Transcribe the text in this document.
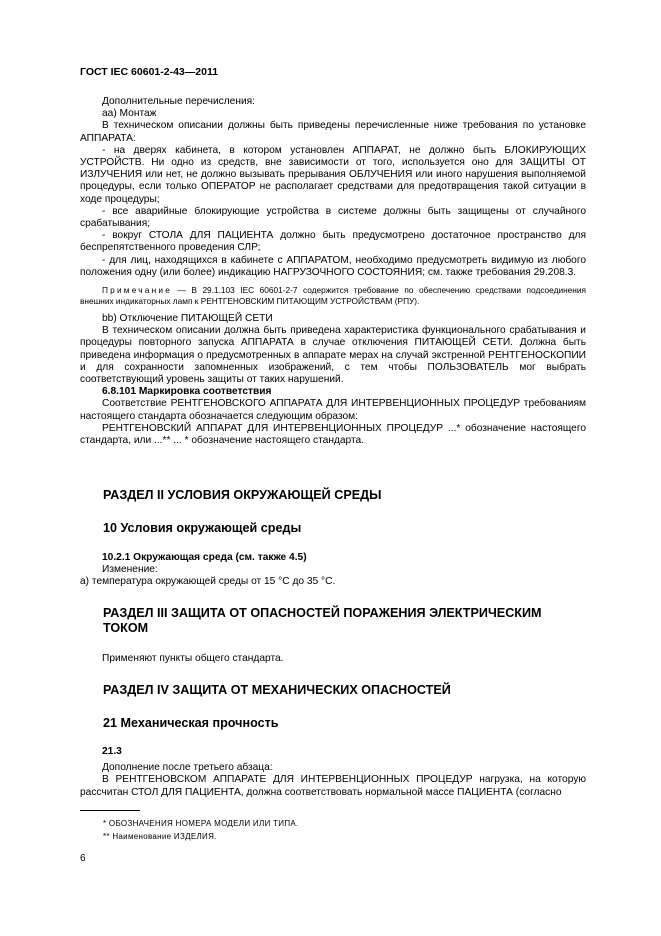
ГОСТ IEC 60601-2-43—2011

Дополнительные перечисления:

aa) Монтаж

В техническом описании должны быть приведены перечисленные ниже требования по установке АППАРАТА:

- на дверях кабинета, в котором установлен АППАРАТ, не должно быть БЛОКИРУЮЩИХ УСТРОЙСТВ. Ни одно из средств, вне зависимости от того, используется оно для ЗАЩИТЫ ОТ ИЗЛУЧЕНИЯ или нет, не должно вызывать прерывания ОБЛУЧЕНИЯ или иного нарушения выполняемой процедуры, если только ОПЕРАТОР не располагает средствами для предотвращения такой ситуации в ходе процедуры;

- все аварийные блокирующие устройства в системе должны быть защищены от случайного срабатывания;

- вокруг СТОЛА ДЛЯ ПАЦИЕНТА должно быть предусмотрено достаточное пространство для беспрепятственного проведения СЛР;

- для лиц, находящихся в кабинете с АППАРАТОМ, необходимо предусмотреть видимую из любого положения одну (или более) индикацию НАГРУЗОЧНОГО СОСТОЯНИЯ; см. также требования 29.208.3.

Примечание — В 29.1.103 IEC 60601-2-7 содержится требование по обеспечению средствами подсоединения внешних индикаторных ламп к РЕНТГЕНОВСКИМ ПИТАЮЩИМ УСТРОЙСТВАМ (РПУ).

bb) Отключение ПИТАЮЩЕЙ СЕТИ

В техническом описании должна быть приведена характеристика функционального срабатывания и процедуры повторного запуска АППАРАТА в случае отключения ПИТАЮЩЕЙ СЕТИ. Должна быть приведена информация о предусмотренных в аппарате мерах на случай экстренной РЕНТГЕНОСКОПИИ и для сохранности запомненных изображений, с тем чтобы ПОЛЬЗОВАТЕЛЬ мог выбрать соответствующий уровень защиты от таких нарушений.

6.8.101 Маркировка соответствия

Соответствие РЕНТГЕНОВСКОГО АППАРАТА ДЛЯ ИНТЕРВЕНЦИОННЫХ ПРОЦЕДУР требованиям настоящего стандарта обозначается следующим образом:

РЕНТГЕНОВСКИЙ АППАРАТ ДЛЯ ИНТЕРВЕНЦИОННЫХ ПРОЦЕДУР ...* обозначение настоящего стандарта, или ...** ... * обозначение настоящего стандарта.

РАЗДЕЛ II УСЛОВИЯ ОКРУЖАЮЩЕЙ СРЕДЫ
10 Условия окружающей среды

10.2.1 Окружающая среда (см. также 4.5)

Изменение:

а) температура окружающей среды от 15 °С до 35 °С.

РАЗДЕЛ III ЗАЩИТА ОТ ОПАСНОСТЕЙ ПОРАЖЕНИЯ ЭЛЕКТРИЧЕСКИМ ТОКОМ

Применяют пункты общего стандарта.

РАЗДЕЛ IV ЗАЩИТА ОТ МЕХАНИЧЕСКИХ ОПАСНОСТЕЙ
21 Механическая прочность

21.3

Дополнение после третьего абзаца:

В РЕНТГЕНОВСКОМ АППАРАТЕ ДЛЯ ИНТЕРВЕНЦИОННЫХ ПРОЦЕДУР нагрузка, на которую рассчитан СТОЛ ДЛЯ ПАЦИЕНТА, должна соответствовать нормальной массе ПАЦИЕНТА (согласно

* ОБОЗНАЧЕНИЯ НОМЕРА МОДЕЛИ ИЛИ ТИПА.
** Наименование ИЗДЕЛИЯ.
6
